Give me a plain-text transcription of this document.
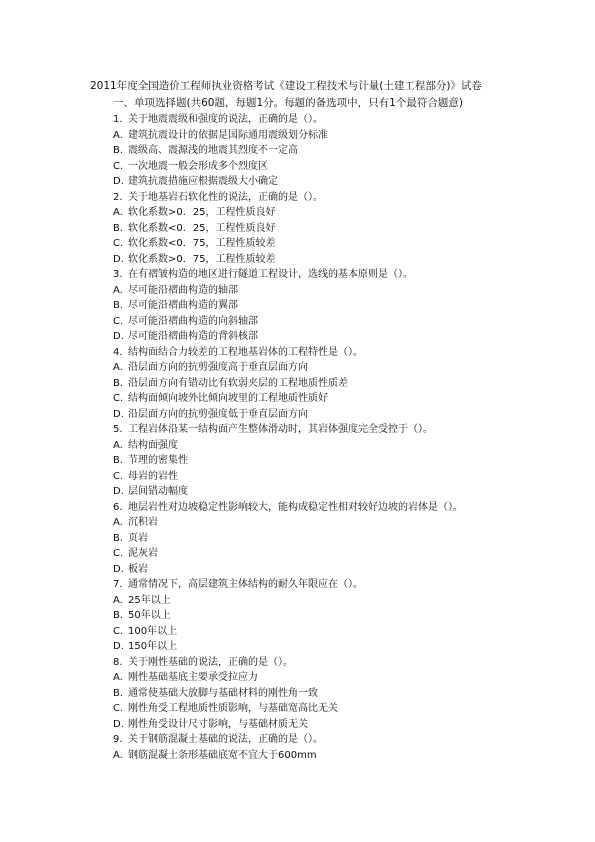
2011年度全国造价工程师执业资格考试《建设工程技术与计量(土建工程部分)》试卷
一、单项选择题(共60题，每题1分。每题的备选项中，只有1个最符合题意)
1. 关于地震震级和强度的说法，正确的是（）。
A. 建筑抗震设计的依据是国际通用震级划分标准
B. 震级高、震源浅的地震其烈度不一定高
C. 一次地震一般会形成多个烈度区
D. 建筑抗震措施应根据震级大小确定
2. 关于地基岩石软化性的说法，正确的是（）。
A. 软化系数>0．25，工程性质良好
B. 软化系数<0．25，工程性质良好
C. 软化系数<0．75，工程性质较差
D. 软化系数>0．75，工程性质较差
3. 在有褶皱构造的地区进行隧道工程设计，选线的基本原则是（）。
A. 尽可能沿褶曲构造的轴部
B. 尽可能沿褶曲构造的翼部
C. 尽可能沿褶曲构造的向斜轴部
D. 尽可能沿褶曲构造的背斜核部
4. 结构面结合力较差的工程地基岩体的工程特性是（）。
A. 沿层面方向的抗剪强度高于垂直层面方向
B. 沿层面方向有错动比有软弱夹层的工程地质性质差
C. 结构面倾向坡外比倾向坡里的工程地质性质好
D. 沿层面方向的抗剪强度低于垂直层面方向
5. 工程岩体沿某一结构面产生整体滑动时，其岩体强度完全受控于（）。
A. 结构面强度
B. 节理的密集性
C. 母岩的岩性
D. 层间错动幅度
6. 地层岩性对边坡稳定性影响较大，能构成稳定性相对较好边坡的岩体是（）。
A. 沉积岩
B. 页岩
C. 泥灰岩
D. 板岩
7. 通常情况下，高层建筑主体结构的耐久年限应在（）。
A. 25年以上
B. 50年以上
C. 100年以上
D. 150年以上
8. 关于刚性基础的说法，正确的是（）。
A. 刚性基础基底主要承受拉应力
B. 通常使基础大放脚与基础材料的刚性角一致
C. 刚性角受工程地质性质影响，与基础宽高比无关
D. 刚性角受设计尺寸影响，与基础材质无关
9. 关于钢筋混凝土基础的说法，正确的是（）。
A. 钢筋混凝土条形基础底宽不宜大于600mm
